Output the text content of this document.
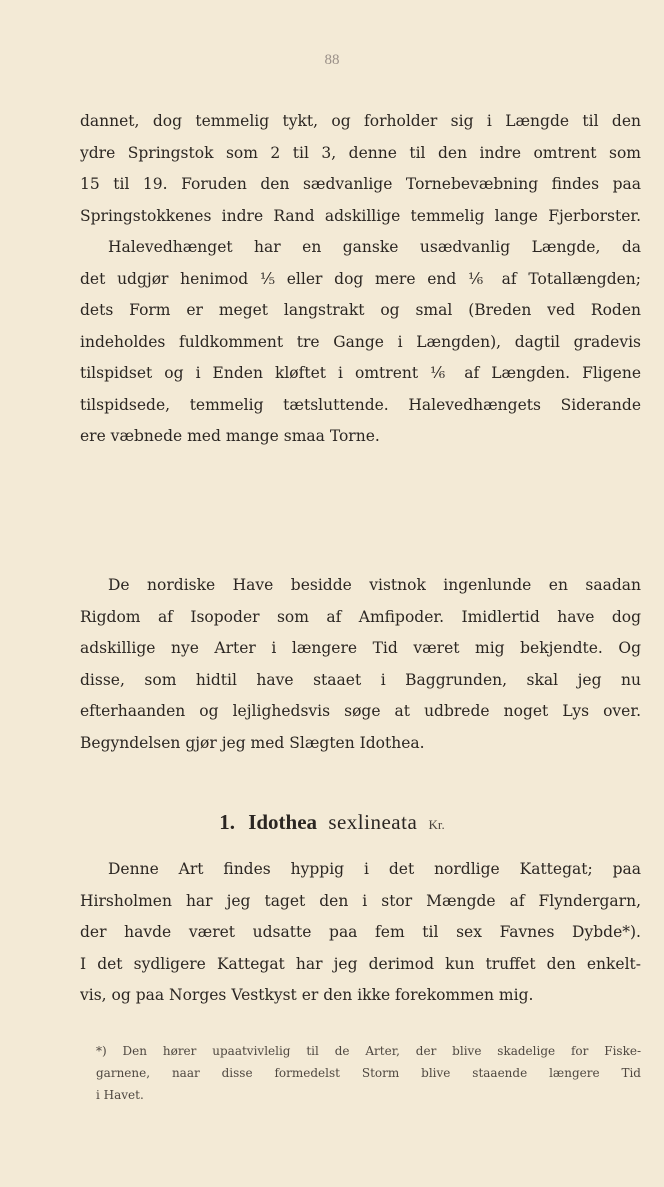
88
dannet, dog temmelig tykt, og forholder sig i Længde til den
ydre Springstok som 2 til 3, denne til den indre omtrent som
15 til 19. Foruden den sædvanlige Tornebevæbning findes paa
Springstokkenes indre Rand adskillige temmelig lange Fjerborster.
Halevedhænget har en ganske usædvanlig Længde, da
det udgjør henimod ⅕ eller dog mere end ⅙ af Totallængden;
dets Form er meget langstrakt og smal (Breden ved Roden
indeholdes fuldkomment tre Gange i Længden), dagtil gradevis
tilspidset og i Enden kløftet i omtrent ⅙ af Længden. Fligene
tilspidsede, temmelig tætsluttende. Halevedhængets Siderande
ere væbnede med mange smaa Torne.
De nordiske Have besidde vistnok ingenlunde en saadan
Rigdom af Isopoder som af Amfipoder. Imidlertid have dog
adskillige nye Arter i længere Tid været mig bekjendte. Og
disse, som hidtil have staaet i Baggrunden, skal jeg nu
efterhaanden og lejlighedsvis søge at udbrede noget Lys over.
Begyndelsen gjør jeg med Slægten Idothea.
1. Idothea sexlineata Kr.
Denne Art findes hyppig i det nordlige Kattegat; paa
Hirsholmen har jeg taget den i stor Mængde af Flyndergarn,
der havde været udsatte paa fem til sex Favnes Dybde*).
I det sydligere Kattegat har jeg derimod kun truffet den enkelt-
vis, og paa Norges Vestkyst er den ikke forekommen mig.
*) Den hører upaatvivlelig til de Arter, der blive skadelige for Fiske-
garnene, naar disse formedelst Storm blive staaende længere Tid
i Havet.
